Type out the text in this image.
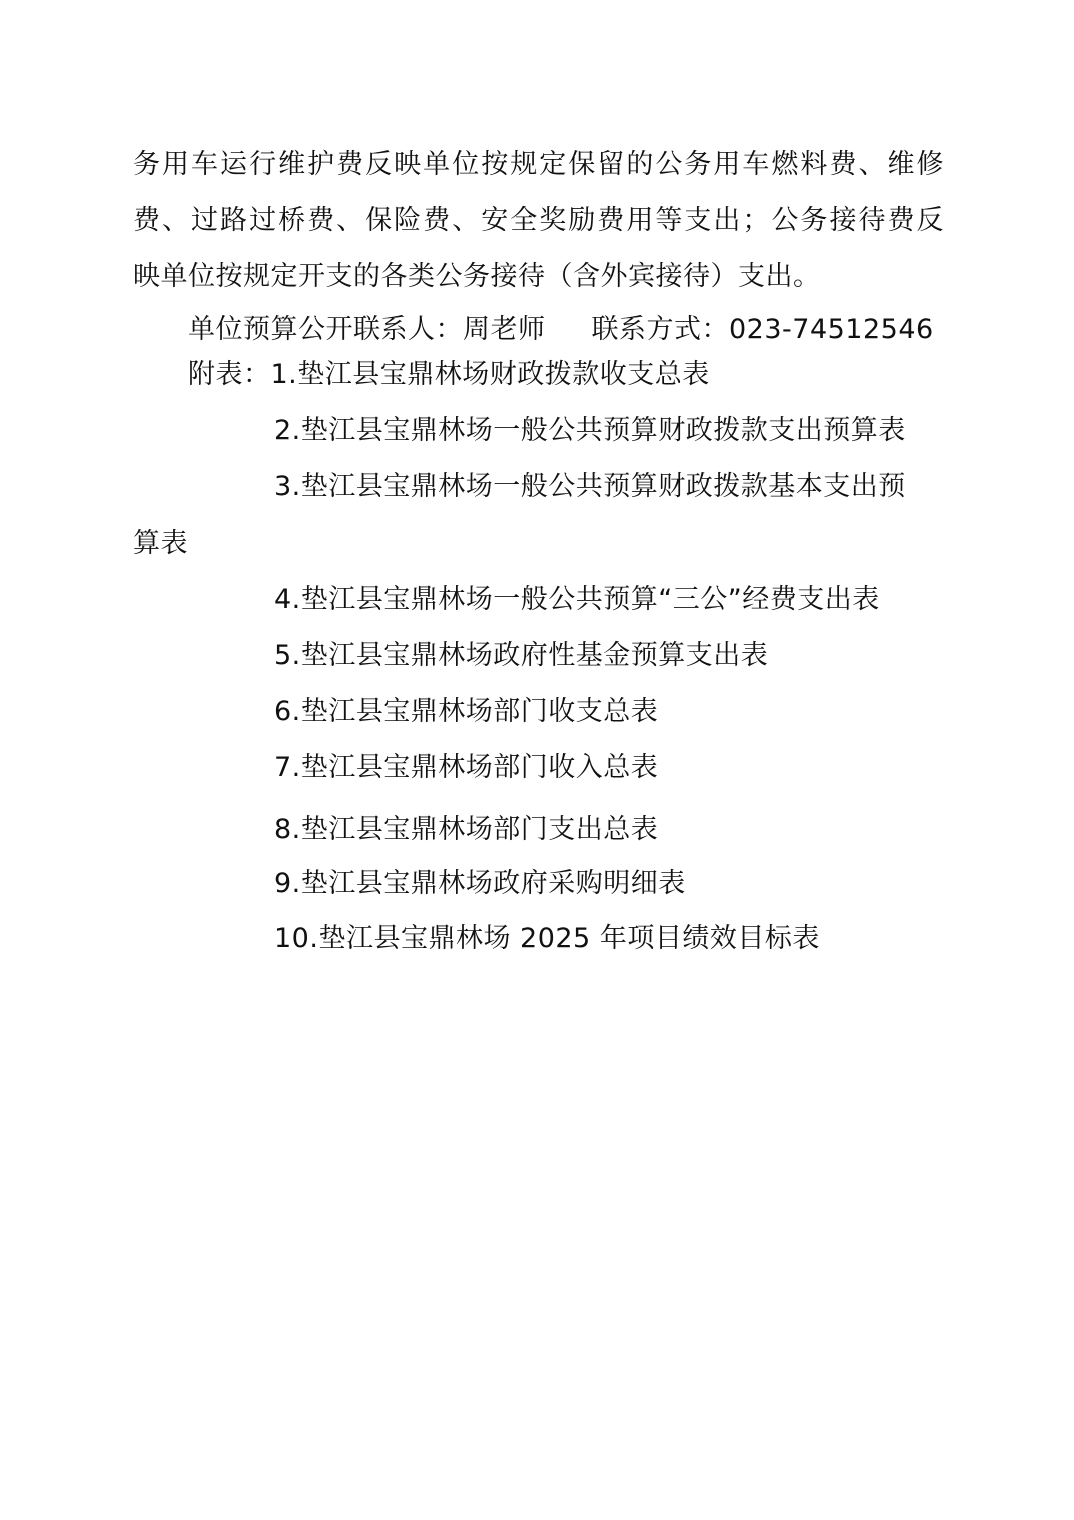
务用车运行维护费反映单位按规定保留的公务用车燃料费、维修
费、过路过桥费、保险费、安全奖励费用等支出；公务接待费反
映单位按规定开支的各类公务接待（含外宾接待）支出。
单位预算公开联系人：周老师 联系方式：023-74512546
附表：1.垫江县宝鼎林场财政拨款收支总表
2.垫江县宝鼎林场一般公共预算财政拨款支出预算表
3.垫江县宝鼎林场一般公共预算财政拨款基本支出预
算表
4.垫江县宝鼎林场一般公共预算“三公”经费支出表
5.垫江县宝鼎林场政府性基金预算支出表
6.垫江县宝鼎林场部门收支总表
7.垫江县宝鼎林场部门收入总表
8.垫江县宝鼎林场部门支出总表
9.垫江县宝鼎林场政府采购明细表
10.垫江县宝鼎林场 2025 年项目绩效目标表
